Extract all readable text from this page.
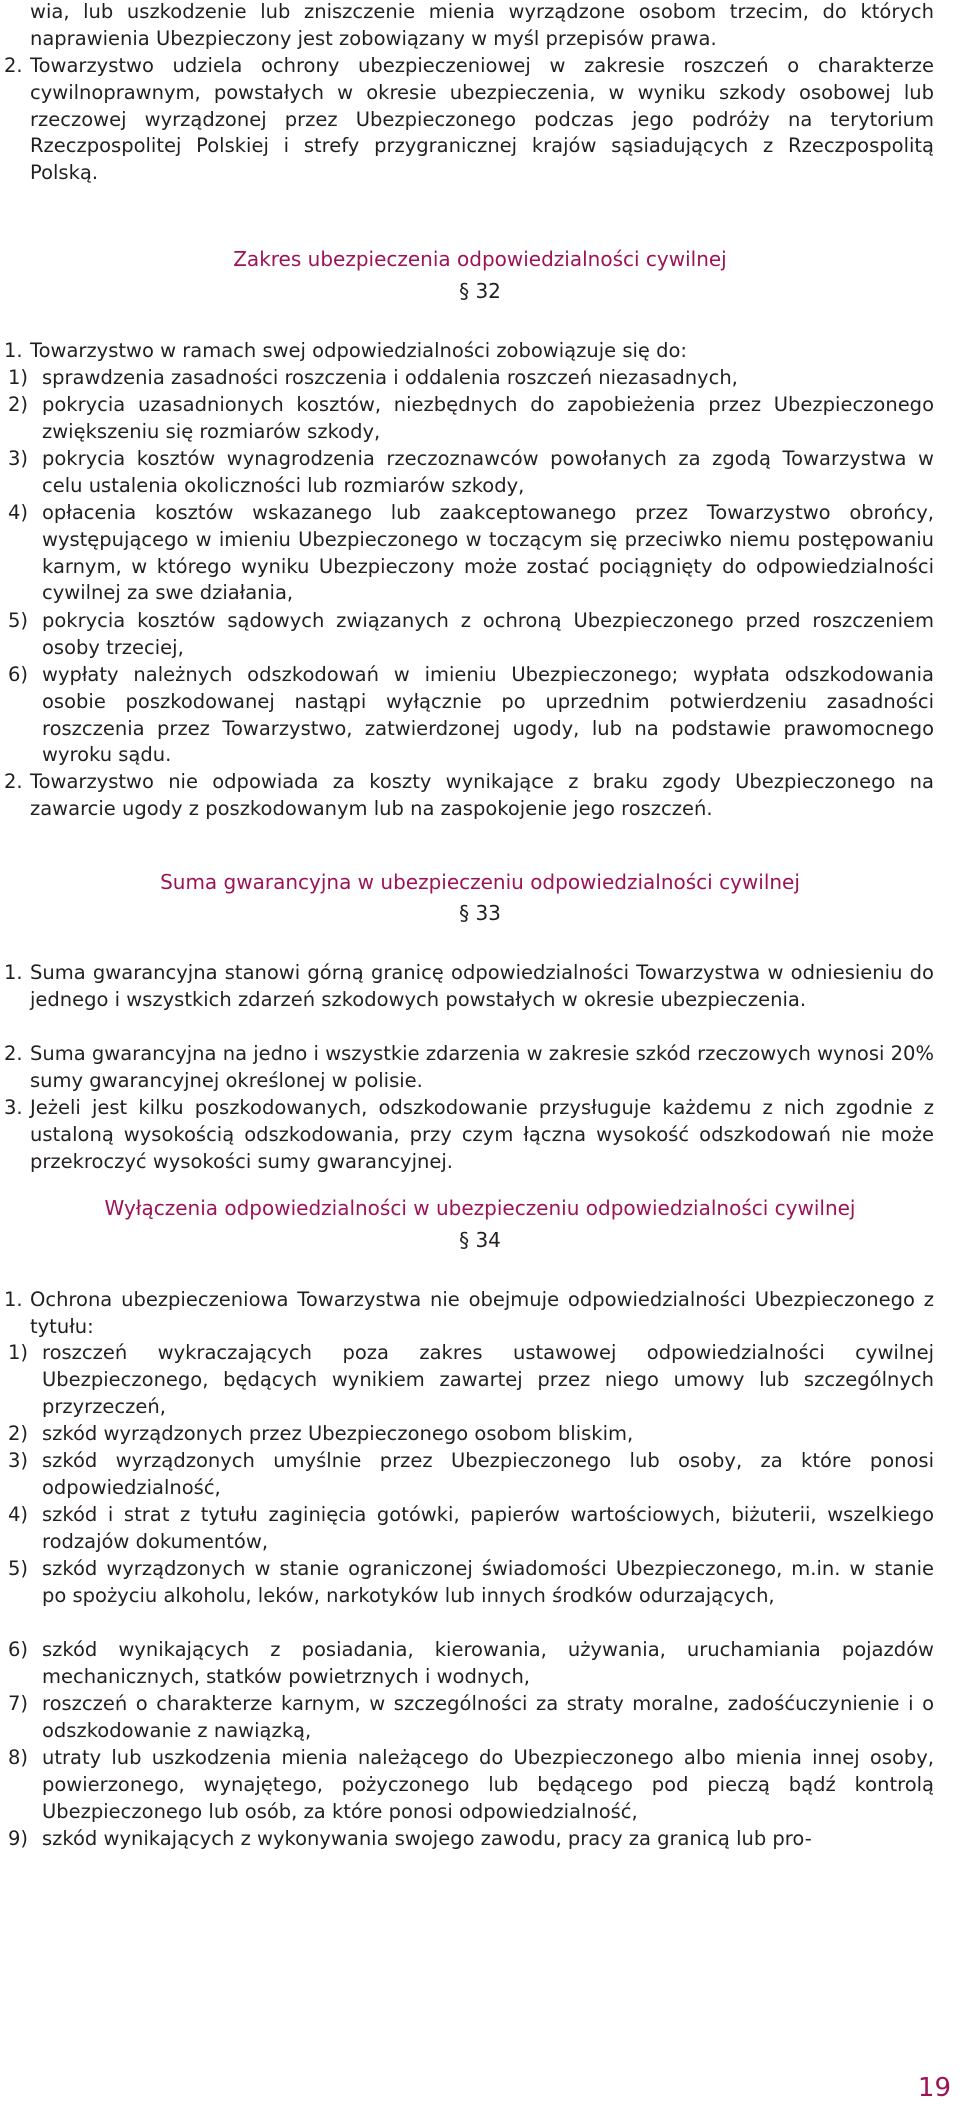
wia, lub uszkodzenie lub zniszczenie mienia wyrządzone osobom trzecim, do których naprawienia Ubezpieczony jest zobowiązany w myśl przepisów prawa.
2. Towarzystwo udziela ochrony ubezpieczeniowej w zakresie roszczeń o charakterze cywilnoprawnym, powstałych w okresie ubezpieczenia, w wyniku szkody osobowej lub rzeczowej wyrządzonej przez Ubezpieczonego podczas jego podróży na terytorium Rzeczpospolitej Polskiej i strefy przygranicznej krajów sąsiadujących z Rzeczpospolitą Polską.
Zakres ubezpieczenia odpowiedzialności cywilnej
§ 32
1. Towarzystwo w ramach swej odpowiedzialności zobowiązuje się do:
1) sprawdzenia zasadności roszczenia i oddalenia roszczeń niezasadnych,
2) pokrycia uzasadnionych kosztów, niezbędnych do zapobieżenia przez Ubezpieczonego zwiększeniu się rozmiarów szkody,
3) pokrycia kosztów wynagrodzenia rzeczoznawców powołanych za zgodą Towarzystwa w celu ustalenia okoliczności lub rozmiarów szkody,
4) opłacenia kosztów wskazanego lub zaakceptowanego przez Towarzystwo obrońcy, występującego w imieniu Ubezpieczonego w toczącym się przeciwko niemu postępowaniu karnym, w którego wyniku Ubezpieczony może zostać pociągnięty do odpowiedzialności cywilnej za swe działania,
5) pokrycia kosztów sądowych związanych z ochroną Ubezpieczonego przed roszczeniem osoby trzeciej,
6) wypłaty należnych odszkodowań w imieniu Ubezpieczonego; wypłata odszkodowania osobie poszkodowanej nastąpi wyłącznie po uprzednim potwierdzeniu zasadności roszczenia przez Towarzystwo, zatwierdzonej ugody, lub na podstawie prawomocnego wyroku sądu.
2. Towarzystwo nie odpowiada za koszty wynikające z braku zgody Ubezpieczonego na zawarcie ugody z poszkodowanym lub na zaspokojenie jego roszczeń.
Suma gwarancyjna w ubezpieczeniu odpowiedzialności cywilnej
§ 33
1. Suma gwarancyjna stanowi górną granicę odpowiedzialności Towarzystwa w odniesieniu do jednego i wszystkich zdarzeń szkodowych powstałych w okresie ubezpieczenia.
2. Suma gwarancyjna na jedno i wszystkie zdarzenia w zakresie szkód rzeczowych wynosi 20% sumy gwarancyjnej określonej w polisie.
3. Jeżeli jest kilku poszkodowanych, odszkodowanie przysługuje każdemu z nich zgodnie z ustaloną wysokością odszkodowania, przy czym łączna wysokość odszkodowań nie może przekroczyć wysokości sumy gwarancyjnej.
Wyłączenia odpowiedzialności w ubezpieczeniu odpowiedzialności cywilnej
§ 34
1. Ochrona ubezpieczeniowa Towarzystwa nie obejmuje odpowiedzialności Ubezpieczonego z tytułu:
1) roszczeń wykraczających poza zakres ustawowej odpowiedzialności cywilnej Ubezpieczonego, będących wynikiem zawartej przez niego umowy lub szczególnych przyrzeczeń,
2) szkód wyrządzonych przez Ubezpieczonego osobom bliskim,
3) szkód wyrządzonych umyślnie przez Ubezpieczonego lub osoby, za które ponosi odpowiedzialność,
4) szkód i strat z tytułu zaginięcia gotówki, papierów wartościowych, biżuterii, wszelkiego rodzajów dokumentów,
5) szkód wyrządzonych w stanie ograniczonej świadomości Ubezpieczonego, m.in. w stanie po spożyciu alkoholu, leków, narkotyków lub innych środków odurzających,
6) szkód wynikających z posiadania, kierowania, używania, uruchamiania pojazdów mechanicznych, statków powietrznych i wodnych,
7) roszczeń o charakterze karnym, w szczególności za straty moralne, zadośćuczynienie i o odszkodowanie z nawiązką,
8) utraty lub uszkodzenia mienia należącego do Ubezpieczonego albo mienia innej osoby, powierzonego, wynajętego, pożyczonego lub będącego pod pieczą bądź kontrolą Ubezpieczonego lub osób, za które ponosi odpowiedzialność,
9) szkód wynikających z wykonywania swojego zawodu, pracy za granicą lub pro-
19
